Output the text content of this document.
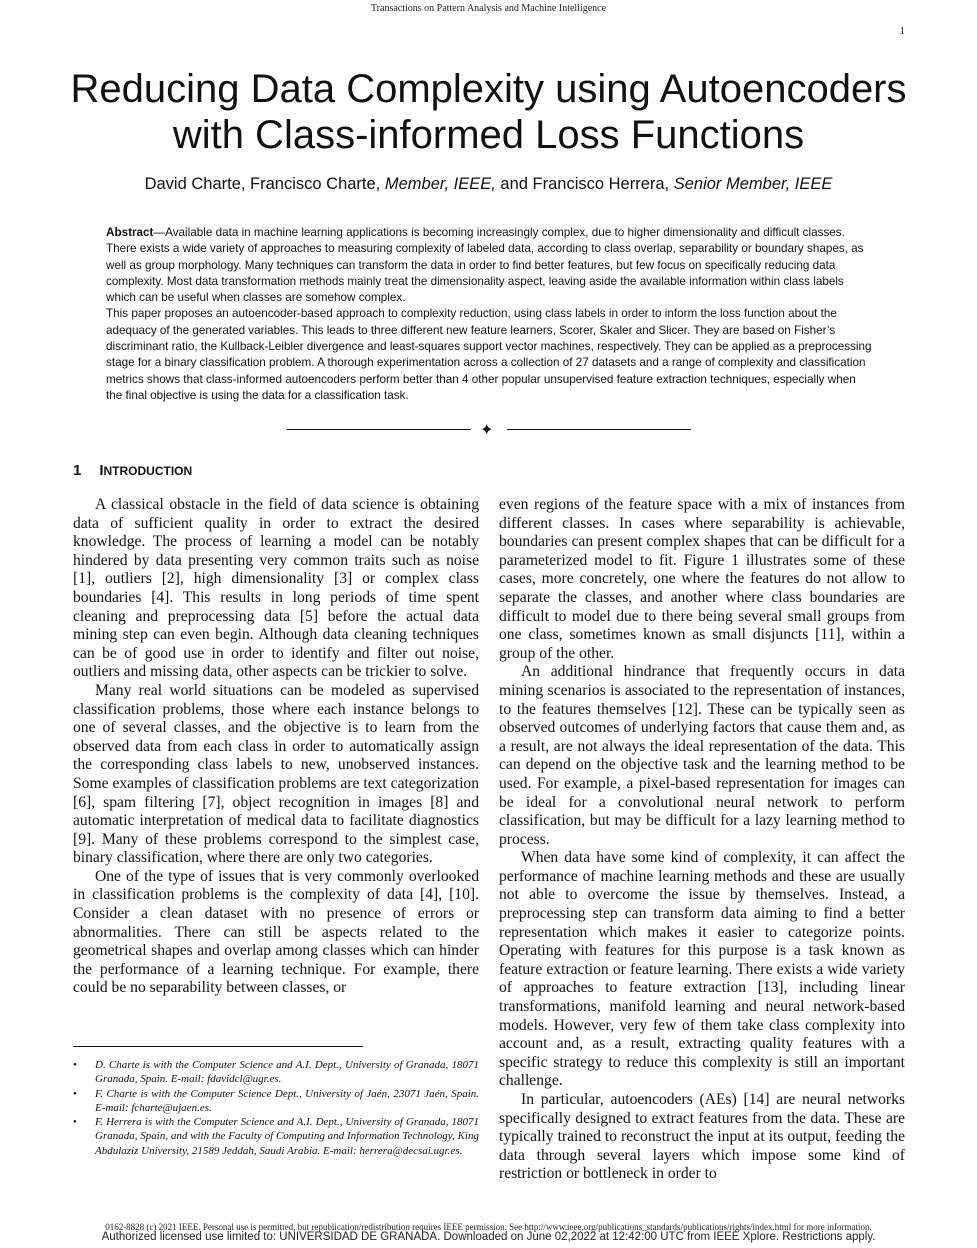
Transactions on Pattern Analysis and Machine Intelligence
1
Reducing Data Complexity using Autoencoders
with Class-informed Loss Functions
David Charte, Francisco Charte, Member, IEEE, and Francisco Herrera, Senior Member, IEEE

Abstract—Available data in machine learning applications is becoming increasingly complex, due to higher dimensionality and difficult classes. There exists a wide variety of approaches to measuring complexity of labeled data, according to class overlap, separability or boundary shapes, as well as group morphology. Many techniques can transform the data in order to find better features, but few focus on specifically reducing data complexity. Most data transformation methods mainly treat the dimensionality aspect, leaving aside the available information within class labels which can be useful when classes are somehow complex.

This paper proposes an autoencoder-based approach to complexity reduction, using class labels in order to inform the loss function about the adequacy of the generated variables. This leads to three different new feature learners, Scorer, Skaler and Slicer. They are based on Fisher’s discriminant ratio, the Kullback-Leibler divergence and least-squares support vector machines, respectively. They can be applied as a preprocessing stage for a binary classification problem. A thorough experimentation across a collection of 27 datasets and a range of complexity and classification metrics shows that class-informed autoencoders perform better than 4 other popular unsupervised feature extraction techniques, especially when the final objective is using the data for a classification task.

✦
1 INTRODUCTION

A classical obstacle in the field of data science is obtaining data of sufficient quality in order to extract the desired knowledge. The process of learning a model can be notably hindered by data presenting very common traits such as noise [1], outliers [2], high dimensionality [3] or complex class boundaries [4]. This results in long periods of time spent cleaning and preprocessing data [5] before the actual data mining step can even begin. Although data cleaning techniques can be of good use in order to identify and filter out noise, outliers and missing data, other aspects can be trickier to solve.

Many real world situations can be modeled as supervised classification problems, those where each instance belongs to one of several classes, and the objective is to learn from the observed data from each class in order to automatically assign the corresponding class labels to new, unobserved instances. Some examples of classification problems are text categorization [6], spam filtering [7], object recognition in images [8] and automatic interpretation of medical data to facilitate diagnostics [9]. Many of these problems correspond to the simplest case, binary classification, where there are only two categories.

One of the type of issues that is very commonly overlooked in classification problems is the complexity of data [4], [10]. Consider a clean dataset with no presence of errors or abnormalities. There can still be aspects related to the geometrical shapes and overlap among classes which can hinder the performance of a learning technique. For example, there could be no separability between classes, or

• D. Charte is with the Computer Science and A.I. Dept., University of Granada, 18071 Granada, Spain. E-mail: fdavidcl@ugr.es.
• F. Charte is with the Computer Science Dept., University of Jaén, 23071 Jaén, Spain. E-mail: fcharte@ujaen.es.
• F. Herrera is with the Computer Science and A.I. Dept., University of Granada, 18071 Granada, Spain, and with the Faculty of Computing and Information Technology, King Abdulaziz University, 21589 Jeddah, Saudi Arabia. E-mail: herrera@decsai.ugr.es.

even regions of the feature space with a mix of instances from different classes. In cases where separability is achievable, boundaries can present complex shapes that can be difficult for a parameterized model to fit. Figure 1 illustrates some of these cases, more concretely, one where the features do not allow to separate the classes, and another where class boundaries are difficult to model due to there being several small groups from one class, sometimes known as small disjuncts [11], within a group of the other.

An additional hindrance that frequently occurs in data mining scenarios is associated to the representation of instances, to the features themselves [12]. These can be typically seen as observed outcomes of underlying factors that cause them and, as a result, are not always the ideal representation of the data. This can depend on the objective task and the learning method to be used. For example, a pixel-based representation for images can be ideal for a convolutional neural network to perform classification, but may be difficult for a lazy learning method to process.

When data have some kind of complexity, it can affect the performance of machine learning methods and these are usually not able to overcome the issue by themselves. Instead, a preprocessing step can transform data aiming to find a better representation which makes it easier to categorize points. Operating with features for this purpose is a task known as feature extraction or feature learning. There exists a wide variety of approaches to feature extraction [13], including linear transformations, manifold learning and neural network-based models. However, very few of them take class complexity into account and, as a result, extracting quality features with a specific strategy to reduce this complexity is still an important challenge.

In particular, autoencoders (AEs) [14] are neural networks specifically designed to extract features from the data. These are typically trained to reconstruct the input at its output, feeding the data through several layers which impose some kind of restriction or bottleneck in order to

0162-8828 (c) 2021 IEEE. Personal use is permitted, but republication/redistribution requires IEEE permission. See http://www.ieee.org/publications_standards/publications/rights/index.html for more information.
Authorized licensed use limited to: UNIVERSIDAD DE GRANADA. Downloaded on June 02,2022 at 12:42:00 UTC from IEEE Xplore. Restrictions apply.
